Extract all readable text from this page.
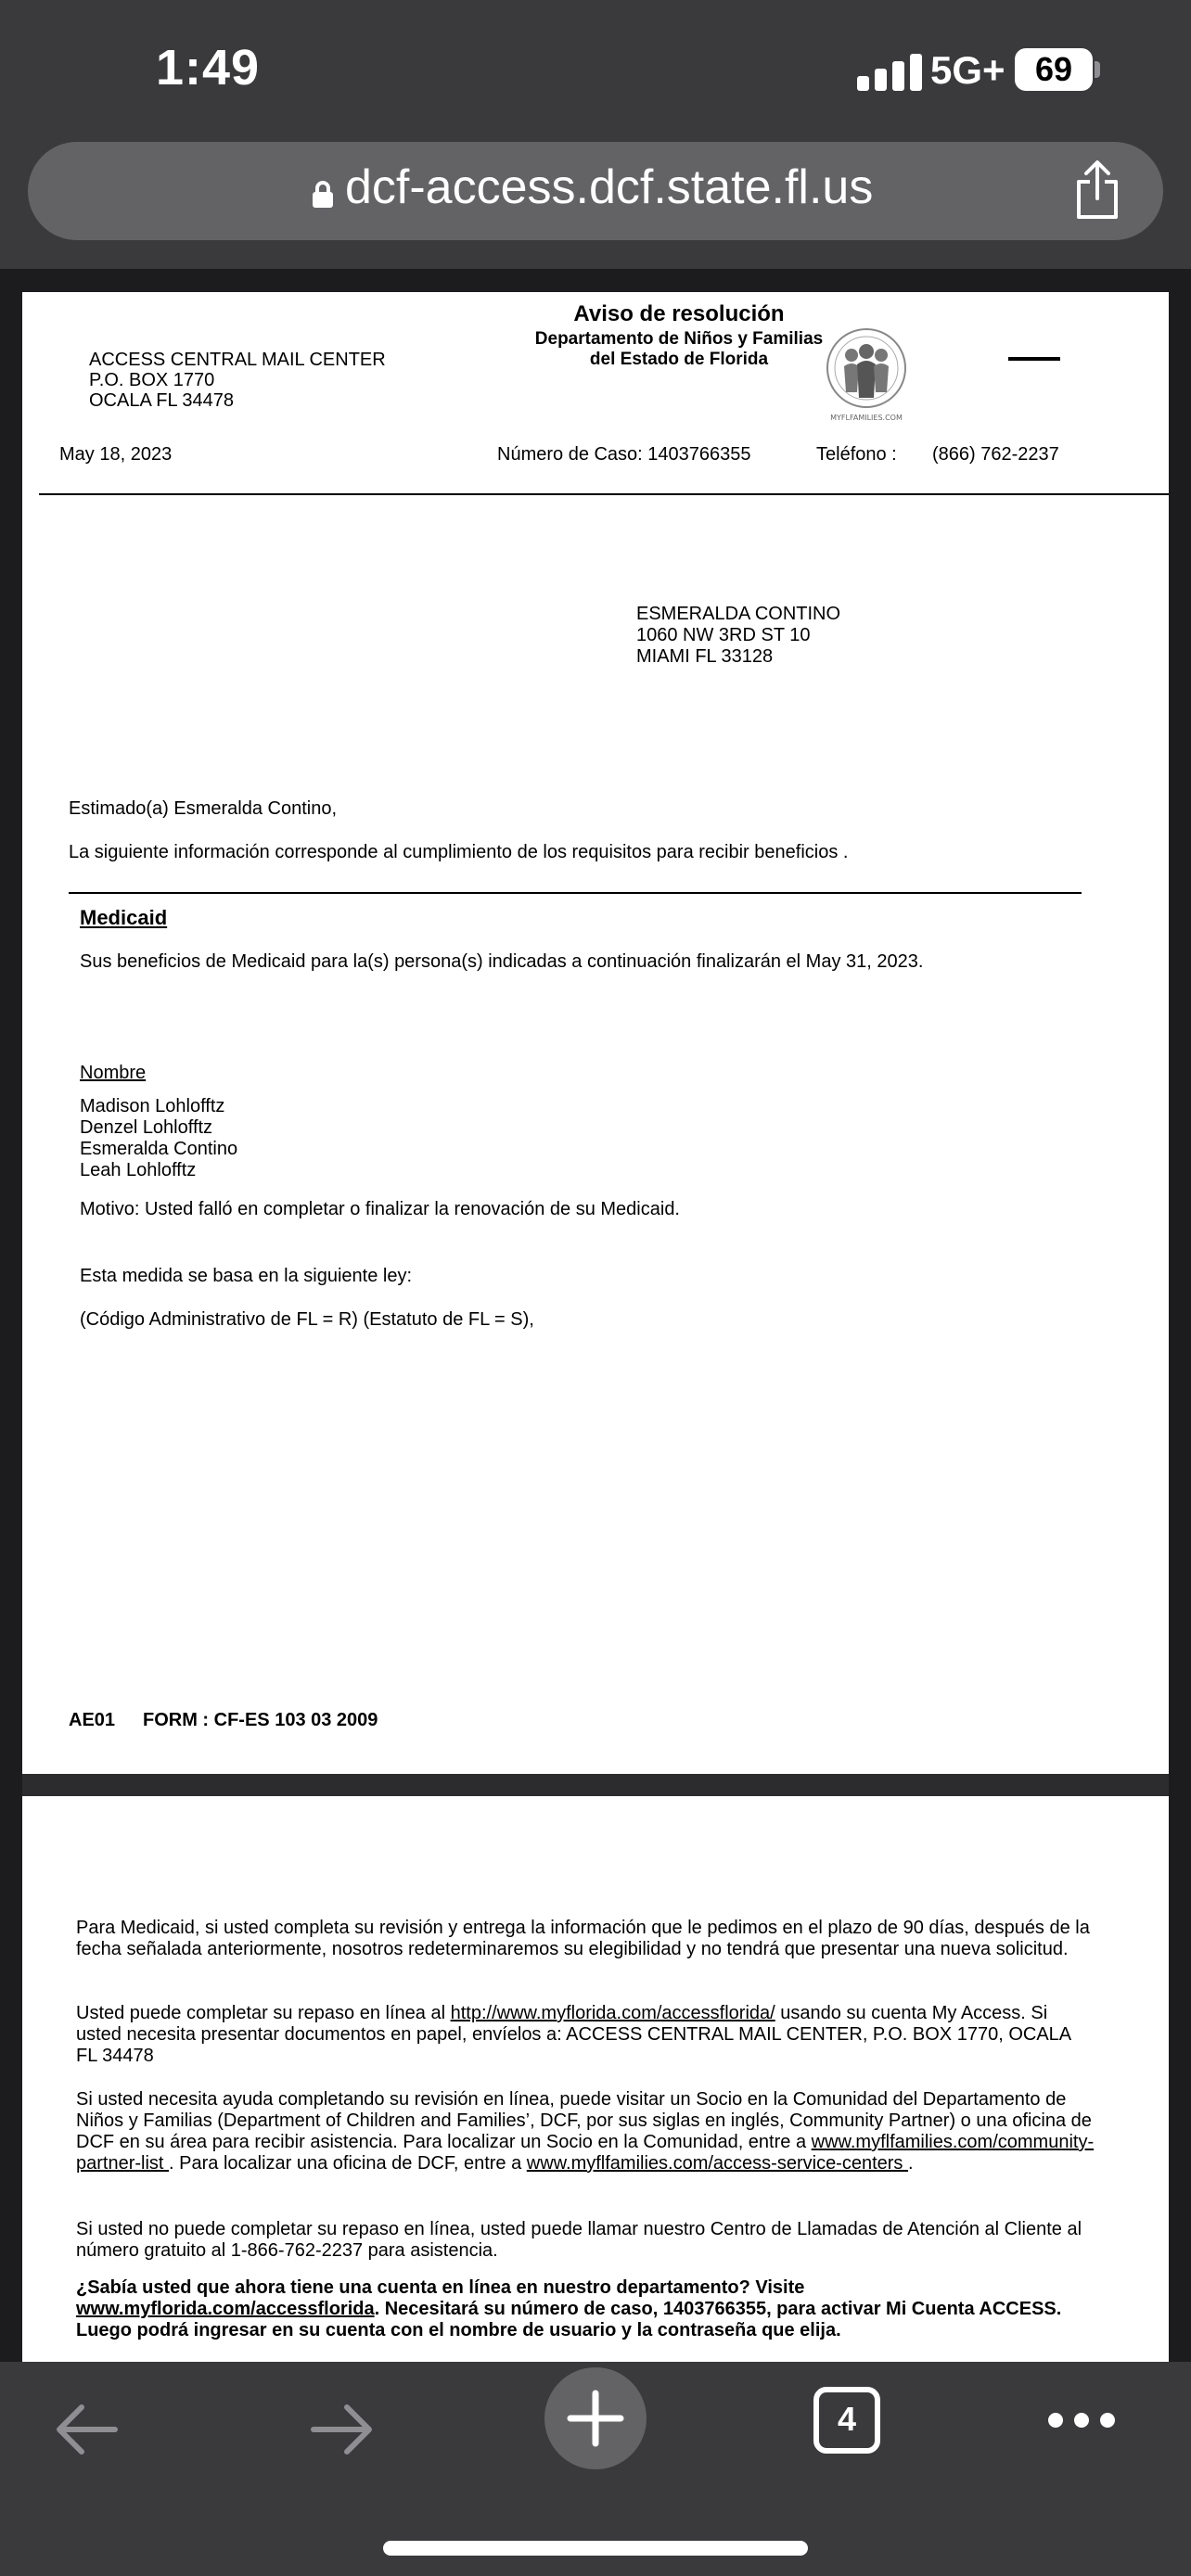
1:49	5G+ 69
dcf-access.dcf.state.fl.us
Aviso de resolución
Departamento de Niños y Familias
del Estado de Florida
MYFLFAMILIES.COM
ACCESS CENTRAL MAIL CENTER
P.O. BOX 1770
OCALA FL 34478
May 18, 2023	Número de Caso: 1403766355	Teléfono : (866) 762-2237
ESMERALDA CONTINO
1060 NW 3RD ST 10
MIAMI FL 33128
Estimado(a) Esmeralda Contino,
La siguiente información corresponde al cumplimiento de los requisitos para recibir beneficios .
Medicaid
Sus beneficios de Medicaid para la(s) persona(s) indicadas a continuación finalizarán el May 31, 2023.
Nombre
Madison Lohlofftz
Denzel Lohlofftz
Esmeralda Contino
Leah Lohlofftz
Motivo: Usted falló en completar o finalizar la renovación de su Medicaid.
Esta medida se basa en la siguiente ley:
(Código Administrativo de FL = R) (Estatuto de FL = S),
AE01 FORM : CF-ES 103 03 2009
Para Medicaid, si usted completa su revisión y entrega la información que le pedimos en el plazo de 90 días, después de la fecha señalada anteriormente, nosotros redeterminaremos su elegibilidad y no tendrá que presentar una nueva solicitud.
Usted puede completar su repaso en línea al http://www.myflorida.com/accessflorida/ usando su cuenta My Access. Si usted necesita presentar documentos en papel, envíelos a: ACCESS CENTRAL MAIL CENTER, P.O. BOX 1770, OCALA FL 34478
Si usted necesita ayuda completando su revisión en línea, puede visitar un Socio en la Comunidad del Departamento de Niños y Familias (Department of Children and Families’, DCF, por sus siglas en inglés, Community Partner) o una oficina de DCF en su área para recibir asistencia. Para localizar un Socio en la Comunidad, entre a www.myflfamilies.com/community-partner-list . Para localizar una oficina de DCF, entre a www.myflfamilies.com/access-service-centers .
Si usted no puede completar su repaso en línea, usted puede llamar nuestro Centro de Llamadas de Atención al Cliente al número gratuito al 1-866-762-2237 para asistencia.
¿Sabía usted que ahora tiene una cuenta en línea en nuestro departamento? Visite www.myflorida.com/accessflorida. Necesitará su número de caso, 1403766355, para activar Mi Cuenta ACCESS. Luego podrá ingresar en su cuenta con el nombre de usuario y la contraseña que elija.
4
